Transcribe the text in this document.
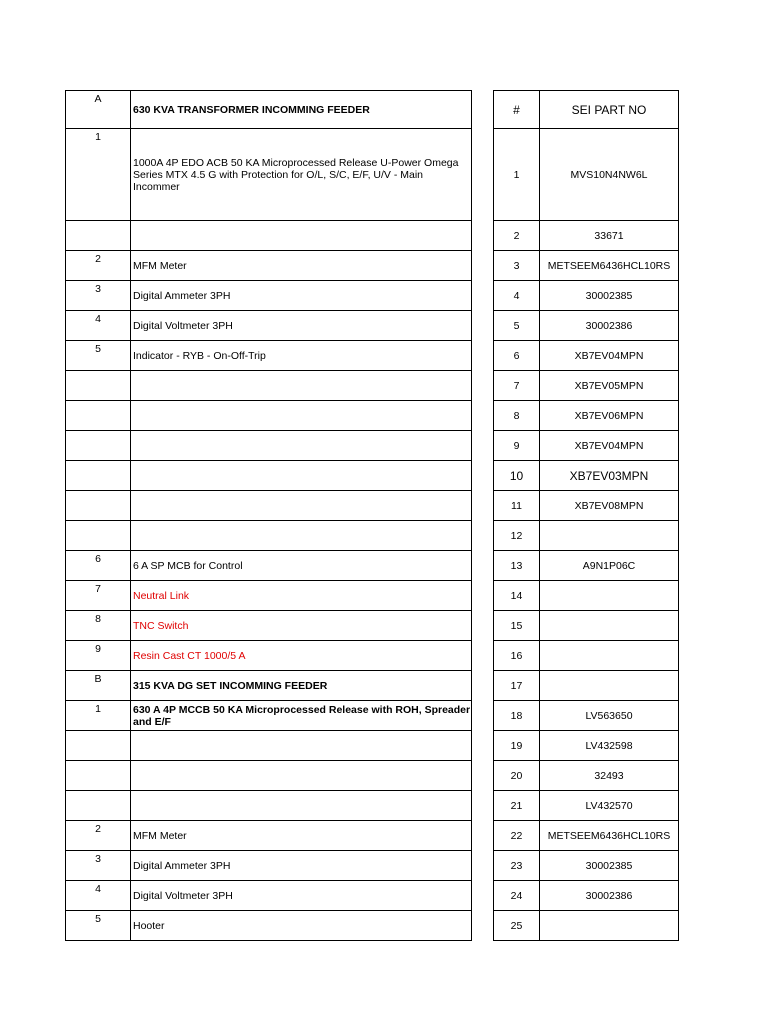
A	630 KVA TRANSFORMER INCOMMING FEEDER
1	1000A 4P EDO ACB 50 KA Microprocessed Release U-Power Omega Series MTX 4.5 G with Protection for O/L, S/C, E/F, U/V - Main Incommer

2	MFM Meter
3	Digital Ammeter 3PH
4	Digital Voltmeter 3PH
5	Indicator - RYB - On-Off-Trip

6	6 A SP MCB for Control
7	Neutral Link
8	TNC Switch
9	Resin Cast CT 1000/5 A
B	315 KVA DG SET INCOMMING FEEDER
1	630 A 4P MCCB 50 KA Microprocessed Release with ROH, Spreader and E/F

2	MFM Meter
3	Digital Ammeter 3PH
4	Digital Voltmeter 3PH
5	Hooter
#	SEI PART NO
1	MVS10N4NW6L
2	33671
3	METSEEM6436HCL10RS
4	30002385
5	30002386
6	XB7EV04MPN
7	XB7EV05MPN
8	XB7EV06MPN
9	XB7EV04MPN
10	XB7EV03MPN
11	XB7EV08MPN
12	
13	A9N1P06C
14	
15	
16	
17	
18	LV563650
19	LV432598
20	32493
21	LV432570
22	METSEEM6436HCL10RS
23	30002385
24	30002386
25	
